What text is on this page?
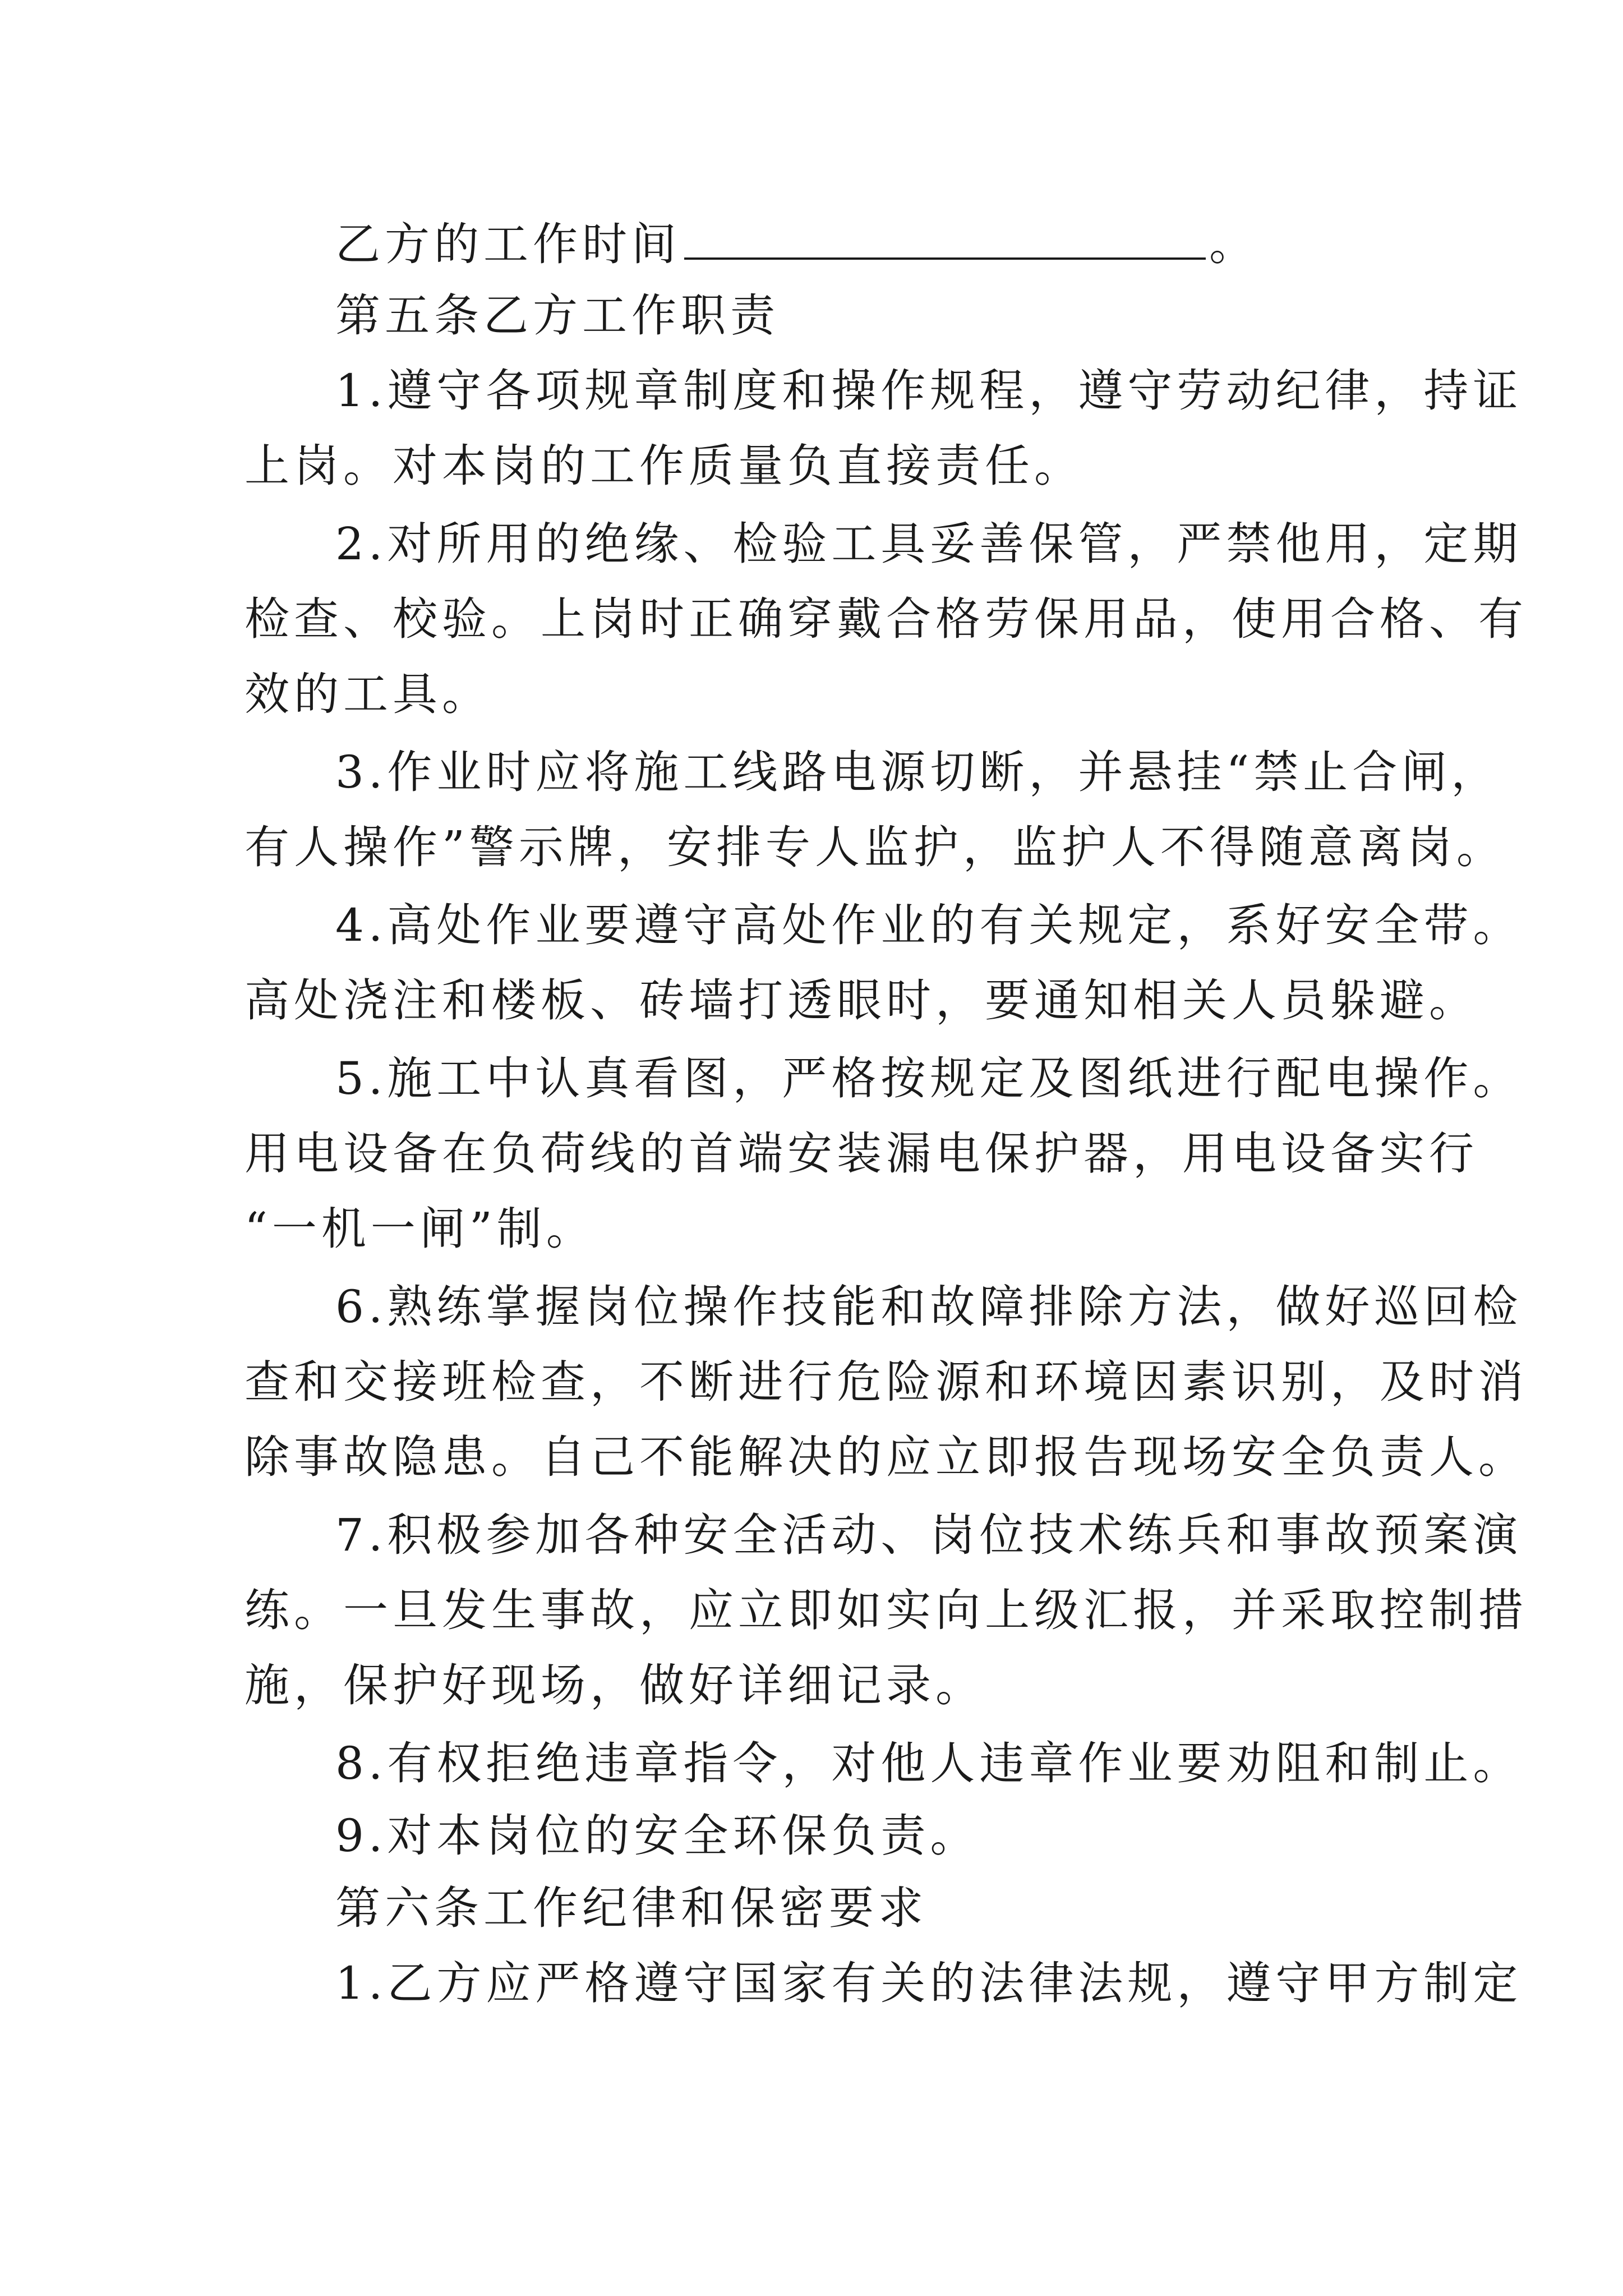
乙方的工作时间	。
第五条乙方工作职责
1.遵守各项规章制度和操作规程，遵守劳动纪律，持证
上岗。对本岗的工作质量负直接责任。
2.对所用的绝缘、检验工具妥善保管，严禁他用，定期
检查、校验。上岗时正确穿戴合格劳保用品，使用合格、有
效的工具。
3.作业时应将施工线路电源切断，并悬挂“禁止合闸，
有人操作”警示牌，安排专人监护，监护人不得随意离岗。
4.高处作业要遵守高处作业的有关规定，系好安全带。
高处浇注和楼板、砖墙打透眼时，要通知相关人员躲避。
5.施工中认真看图，严格按规定及图纸进行配电操作。
用电设备在负荷线的首端安装漏电保护器，用电设备实行
“一机一闸”制。
6.熟练掌握岗位操作技能和故障排除方法，做好巡回检
查和交接班检查，不断进行危险源和环境因素识别，及时消
除事故隐患。自己不能解决的应立即报告现场安全负责人。
7.积极参加各种安全活动、岗位技术练兵和事故预案演
练。一旦发生事故，应立即如实向上级汇报，并采取控制措
施，保护好现场，做好详细记录。
8.有权拒绝违章指令，对他人违章作业要劝阻和制止。
9.对本岗位的安全环保负责。
第六条工作纪律和保密要求
1.乙方应严格遵守国家有关的法律法规，遵守甲方制定
